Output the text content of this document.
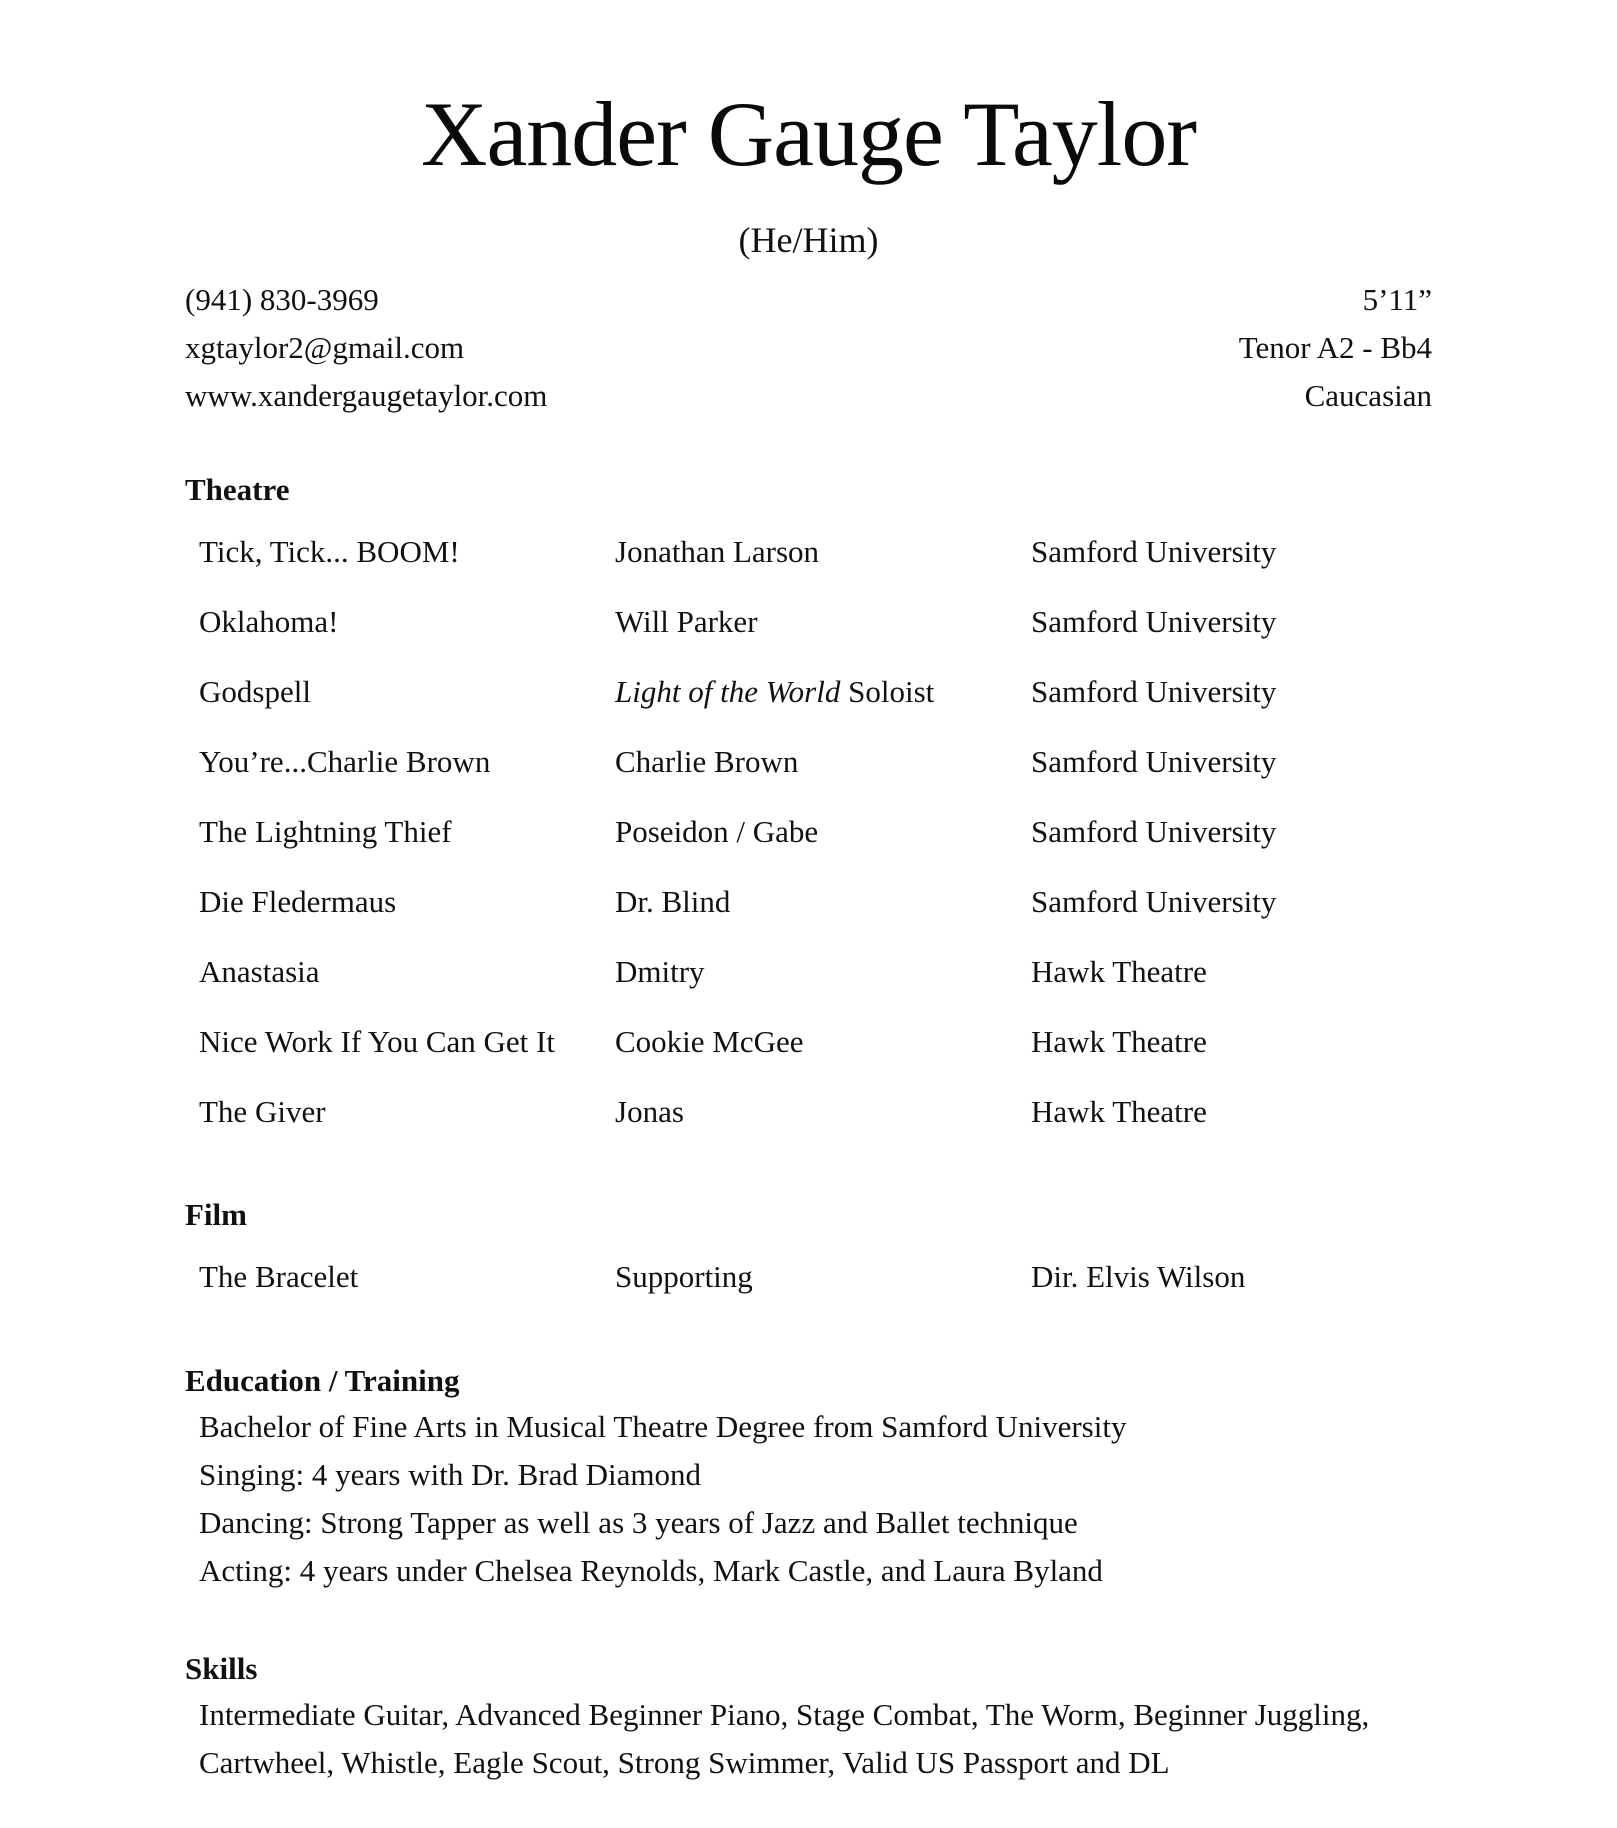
Xander Gauge Taylor
(He/Him)
(941) 830-3969
xgtaylor2@gmail.com
www.xandergaugetaylor.com
5’11”
Tenor A2 - Bb4
Caucasian
Theatre
Tick, Tick... BOOM!	Jonathan Larson	Samford University
Oklahoma!	Will Parker	Samford University
Godspell	Light of the World Soloist	Samford University
You’re...Charlie Brown	Charlie Brown	Samford University
The Lightning Thief	Poseidon / Gabe	Samford University
Die Fledermaus	Dr. Blind	Samford University
Anastasia	Dmitry	Hawk Theatre
Nice Work If You Can Get It	Cookie McGee	Hawk Theatre
The Giver	Jonas	Hawk Theatre
Film
The Bracelet	Supporting	Dir. Elvis Wilson
Education / Training
Bachelor of Fine Arts in Musical Theatre Degree from Samford University
Singing: 4 years with Dr. Brad Diamond
Dancing: Strong Tapper as well as 3 years of Jazz and Ballet technique
Acting: 4 years under Chelsea Reynolds, Mark Castle, and Laura Byland
Skills
Intermediate Guitar, Advanced Beginner Piano, Stage Combat, The Worm, Beginner Juggling,
Cartwheel, Whistle, Eagle Scout, Strong Swimmer, Valid US Passport and DL
